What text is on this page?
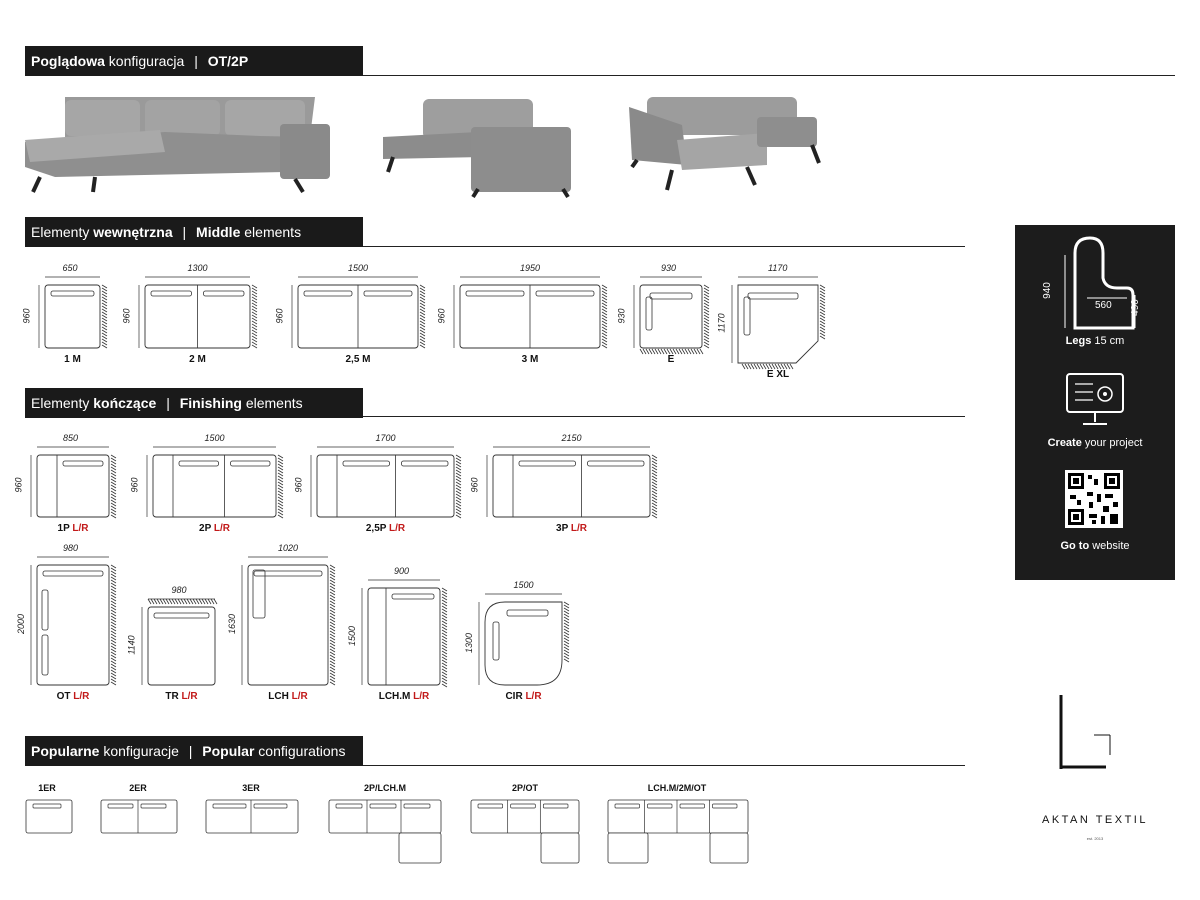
Poglądowa konfiguracja | OT/2P
Elementy wewnętrzna | Middle elements
Elementy kończące | Finishing elements
Popularne konfiguracje | Popular configurations
650
960
1 M
1300
960
2 M
1500
960
2,5 M
1950
960
3 M
930
930
E
1170
1170
E XL
850
960
1P L/R
1500
960
2P L/R
1700
960
2,5P L/R
2150
960
3P L/R
980
2000
OT L/R
980
1140
TR L/R
1020
1630
LCH L/R
900
1500
LCH.M L/R
1500
1300
CIR L/R
1ER	2ER	3ER	2P/LCH.M	2P/OT	LCH.M/2M/OT
940
560 490
Legs 15 cm
Create your project
Go to website
AKTAN TEXTIL
est. 2013
